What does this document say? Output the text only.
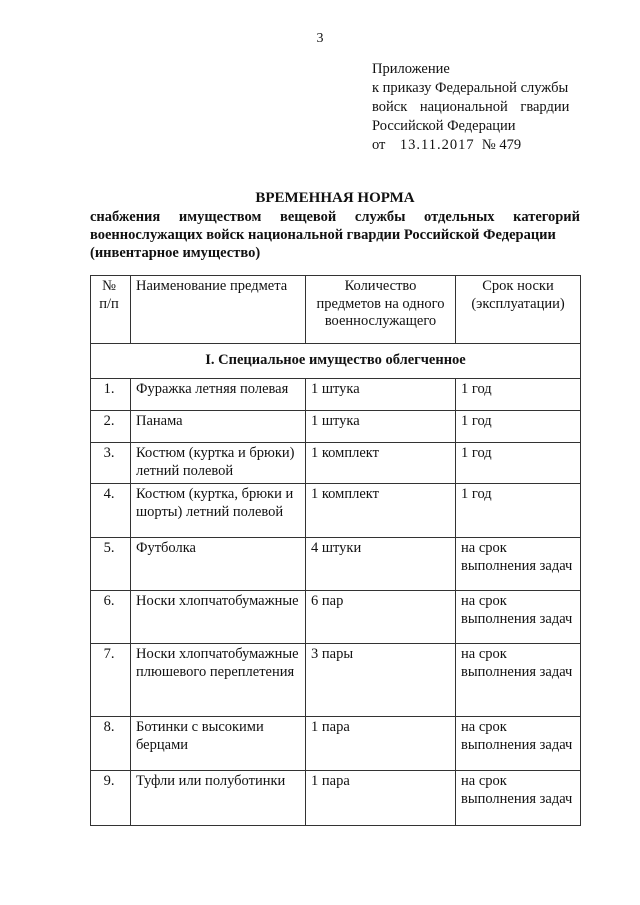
3
Приложение
к приказу Федеральной службы
войск национальной гвардии
Российской Федерации
от 13.11.2017 № 479
ВРЕМЕННАЯ НОРМА
снабжения имуществом вещевой службы отдельных категорий
военнослужащих войск национальной гвардии Российской Федерации
(инвентарное имущество)
№ п/п	Наименование предмета	Количество предметов на одного военнослужащего	Срок носки (эксплуатации)
I. Специальное имущество облегченное			
1.	Фуражка летняя полевая	1 штука	1 год
2.	Панама	1 штука	1 год
3.	Костюм (куртка и брюки) летний полевой	1 комплект	1 год
4.	Костюм (куртка, брюки и шорты) летний полевой	1 комплект	1 год
5.	Футболка	4 штуки	на срок выполнения задач
6.	Носки хлопчатобумажные	6 пар	на срок выполнения задач
7.	Носки хлопчатобумажные плюшевого переплетения	3 пары	на срок выполнения задач
8.	Ботинки с высокими берцами	1 пара	на срок выполнения задач
9.	Туфли или полуботинки	1 пара	на срок выполнения задач
